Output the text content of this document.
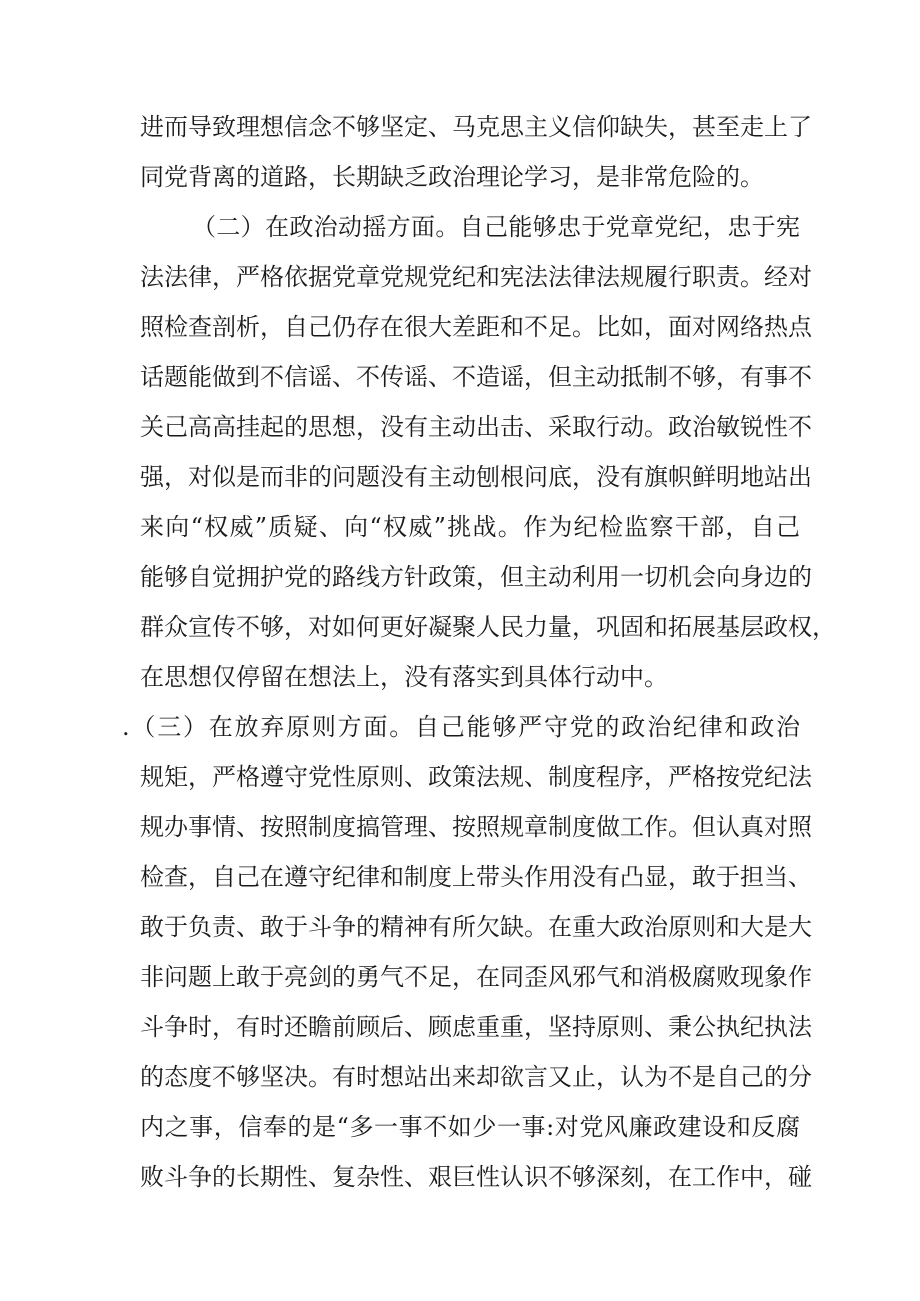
进而导致理想信念不够坚定、马克思主义信仰缺失，甚至走上了
同党背离的道路，长期缺乏政治理论学习，是非常危险的。
（二）在政治动摇方面。自己能够忠于党章党纪，忠于宪
法法律，严格依据党章党规党纪和宪法法律法规履行职责。经对
照检查剖析，自己仍存在很大差距和不足。比如，面对网络热点
话题能做到不信谣、不传谣、不造谣，但主动抵制不够，有事不
关己高高挂起的思想，没有主动出击、采取行动。政治敏锐性不
强，对似是而非的问题没有主动刨根问底，没有旗帜鲜明地站出
来向“权威”质疑、向“权威”挑战。作为纪检监察干部，自己
能够自觉拥护党的路线方针政策，但主动利用一切机会向身边的
群众宣传不够，对如何更好凝聚人民力量，巩固和拓展基层政权，
在思想仅停留在想法上，没有落实到具体行动中。
.（三）在放弃原则方面。自己能够严守党的政治纪律和政治
规矩，严格遵守党性原则、政策法规、制度程序，严格按党纪法
规办事情、按照制度搞管理、按照规章制度做工作。但认真对照
检查，自己在遵守纪律和制度上带头作用没有凸显，敢于担当、
敢于负责、敢于斗争的精神有所欠缺。在重大政治原则和大是大
非问题上敢于亮剑的勇气不足，在同歪风邪气和消极腐败现象作
斗争时，有时还瞻前顾后、顾虑重重，坚持原则、秉公执纪执法
的态度不够坚决。有时想站出来却欲言又止，认为不是自己的分
内之事，信奉的是“多一事不如少一事:对党风廉政建设和反腐
败斗争的长期性、复杂性、艰巨性认识不够深刻，在工作中，碰
